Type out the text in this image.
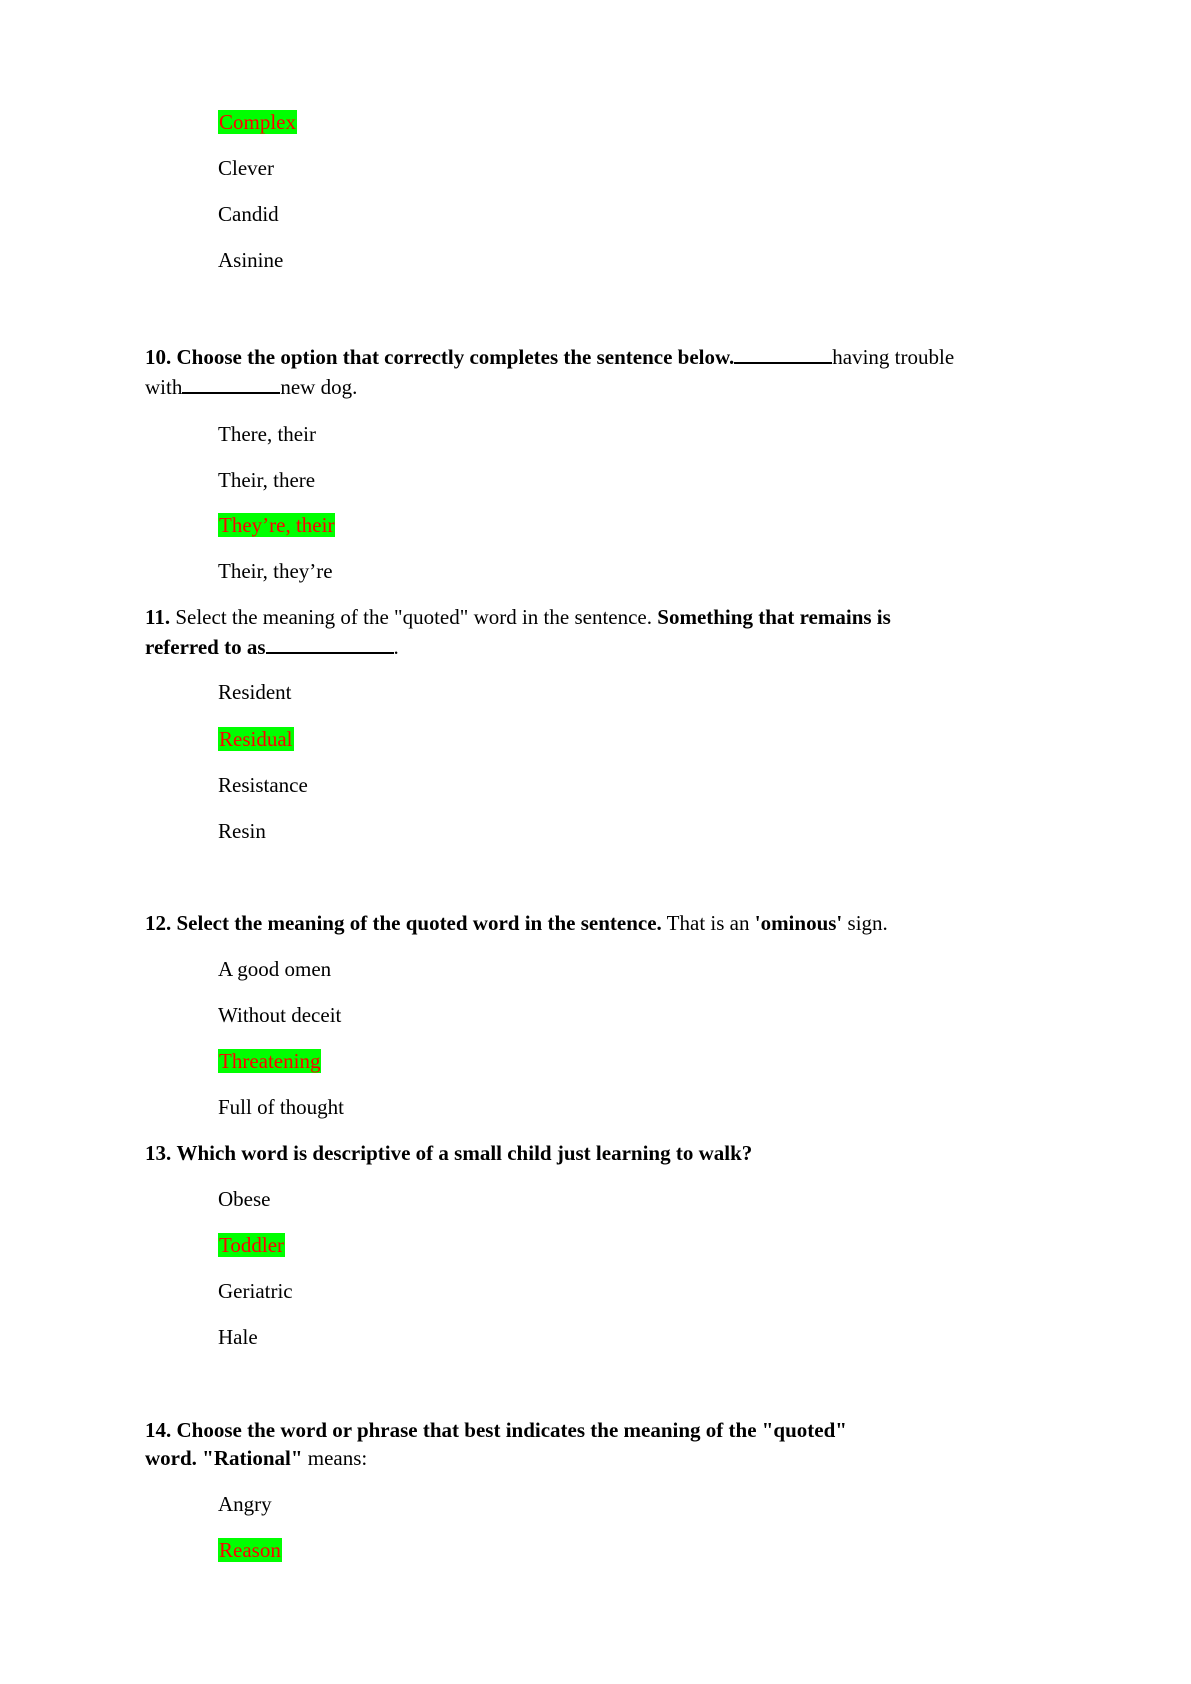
Complex
Clever
Candid
Asinine
10. Choose the option that correctly completes the sentence below.	having trouble
with	new dog.
There, their
Their, there
They’re, their
Their, they’re
11. Select the meaning of the "quoted" word in the sentence. Something that remains is
referred to as	.
Resident
Residual
Resistance
Resin
12. Select the meaning of the quoted word in the sentence. That is an 'ominous' sign.
A good omen
Without deceit
Threatening
Full of thought
13. Which word is descriptive of a small child just learning to walk?
Obese
Toddler
Geriatric
Hale
14. Choose the word or phrase that best indicates the meaning of the "quoted"
word. "Rational" means:
Angry
Reason
